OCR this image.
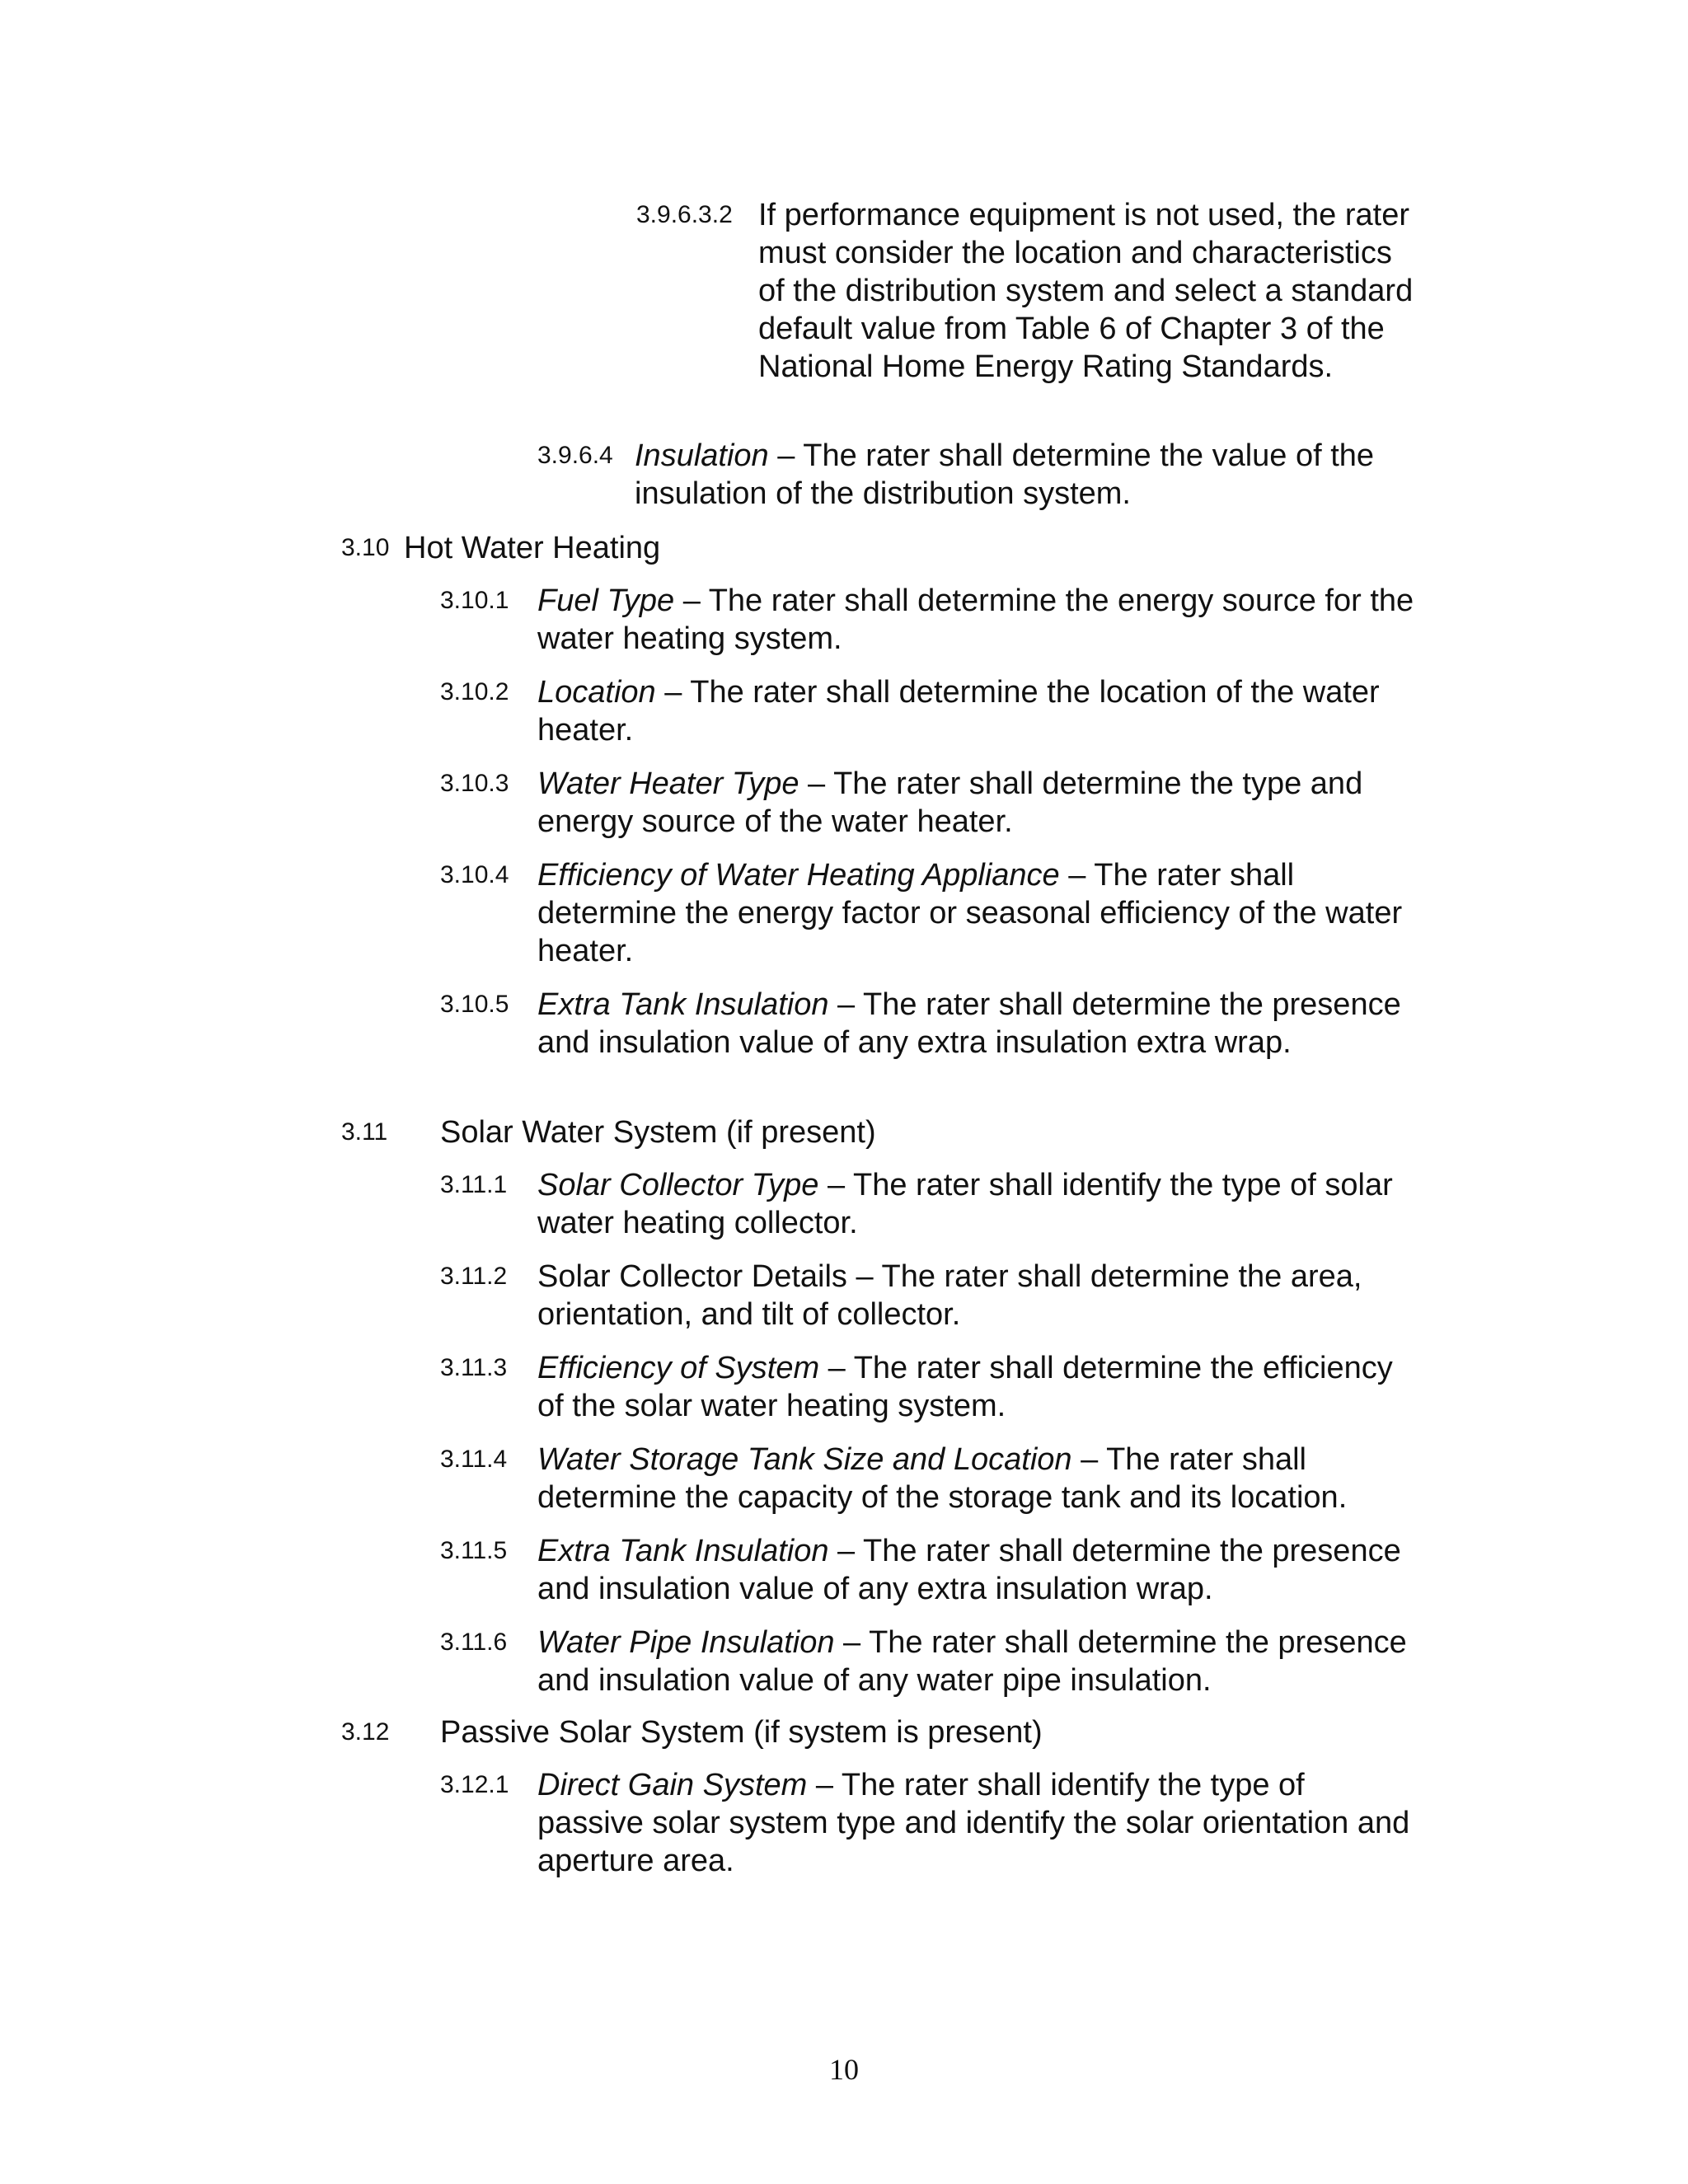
3.9.6.3.2 If performance equipment is not used, the rater must consider the location and characteristics of the distribution system and select a standard default value from Table 6 of Chapter 3 of the National Home Energy Rating Standards.
3.9.6.4 Insulation – The rater shall determine the value of the insulation of the distribution system.
3.10 Hot Water Heating
3.10.1 Fuel Type – The rater shall determine the energy source for the water heating system.
3.10.2 Location – The rater shall determine the location of the water heater.
3.10.3 Water Heater Type – The rater shall determine the type and energy source of the water heater.
3.10.4 Efficiency of Water Heating Appliance – The rater shall determine the energy factor or seasonal efficiency of the water heater.
3.10.5 Extra Tank Insulation – The rater shall determine the presence and insulation value of any extra insulation extra wrap.
3.11 Solar Water System (if present)
3.11.1 Solar Collector Type – The rater shall identify the type of solar water heating collector.
3.11.2 Solar Collector Details – The rater shall determine the area, orientation, and tilt of collector.
3.11.3 Efficiency of System – The rater shall determine the efficiency of the solar water heating system.
3.11.4 Water Storage Tank Size and Location – The rater shall determine the capacity of the storage tank and its location.
3.11.5 Extra Tank Insulation – The rater shall determine the presence and insulation value of any extra insulation wrap.
3.11.6 Water Pipe Insulation – The rater shall determine the presence and insulation value of any water pipe insulation.
3.12 Passive Solar System (if system is present)
3.12.1 Direct Gain System – The rater shall identify the type of passive solar system type and identify the solar orientation and aperture area.
10
